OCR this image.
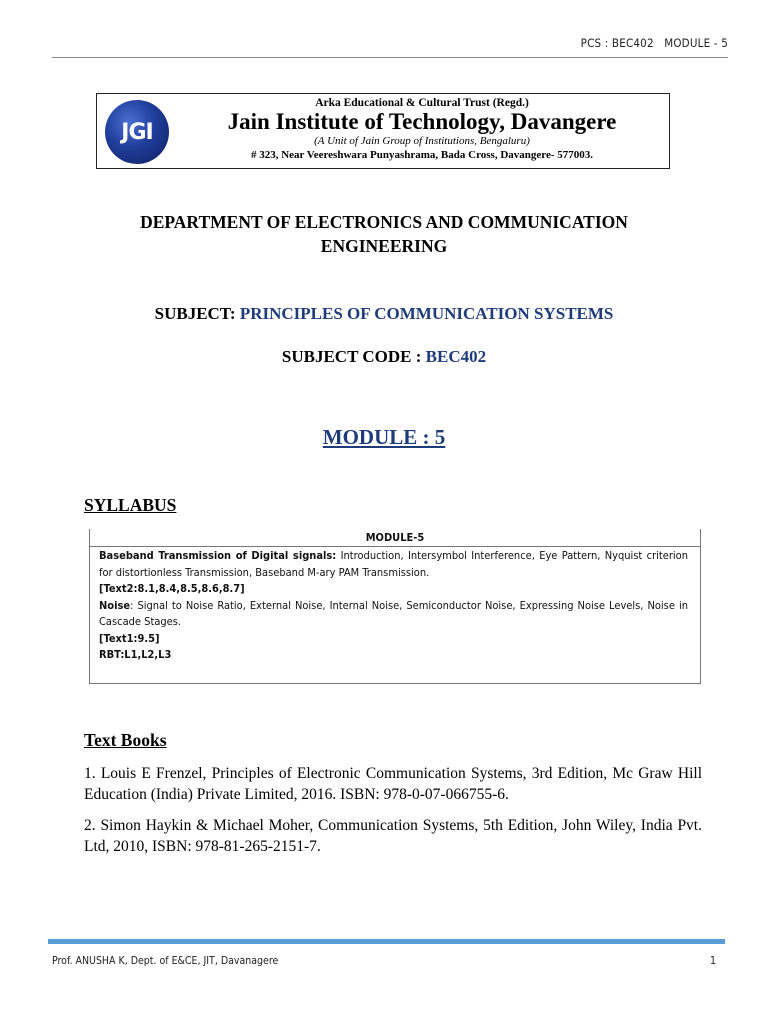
PCS : BEC402   MODULE - 5
JGI
Arka Educational & Cultural Trust (Regd.)
Jain Institute of Technology, Davangere
(A Unit of Jain Group of Institutions, Bengaluru)
# 323, Near Veereshwara Punyashrama, Bada Cross, Davangere- 577003.
DEPARTMENT OF ELECTRONICS AND COMMUNICATION
ENGINEERING
SUBJECT: PRINCIPLES OF COMMUNICATION SYSTEMS
SUBJECT CODE : BEC402
MODULE : 5
SYLLABUS
MODULE-5

Baseband Transmission of Digital signals: Introduction, Intersymbol Interference, Eye Pattern, Nyquist criterion for distortionless Transmission, Baseband M-ary PAM Transmission.

[Text2:8.1,8.4,8.5,8.6,8.7]

Noise: Signal to Noise Ratio, External Noise, Internal Noise, Semiconductor Noise, Expressing Noise Levels, Noise in Cascade Stages.

[Text1:9.5]

RBT:L1,L2,L3

Text Books
1. Louis E Frenzel, Principles of Electronic Communication Systems, 3rd Edition, Mc Graw Hill Education (India) Private Limited, 2016. ISBN: 978-0-07-066755-6.
2. Simon Haykin & Michael Moher, Communication Systems, 5th Edition, John Wiley, India Pvt. Ltd, 2010, ISBN: 978-81-265-2151-7.
Prof. ANUSHA K, Dept. of E&CE, JIT, Davanagere	1
